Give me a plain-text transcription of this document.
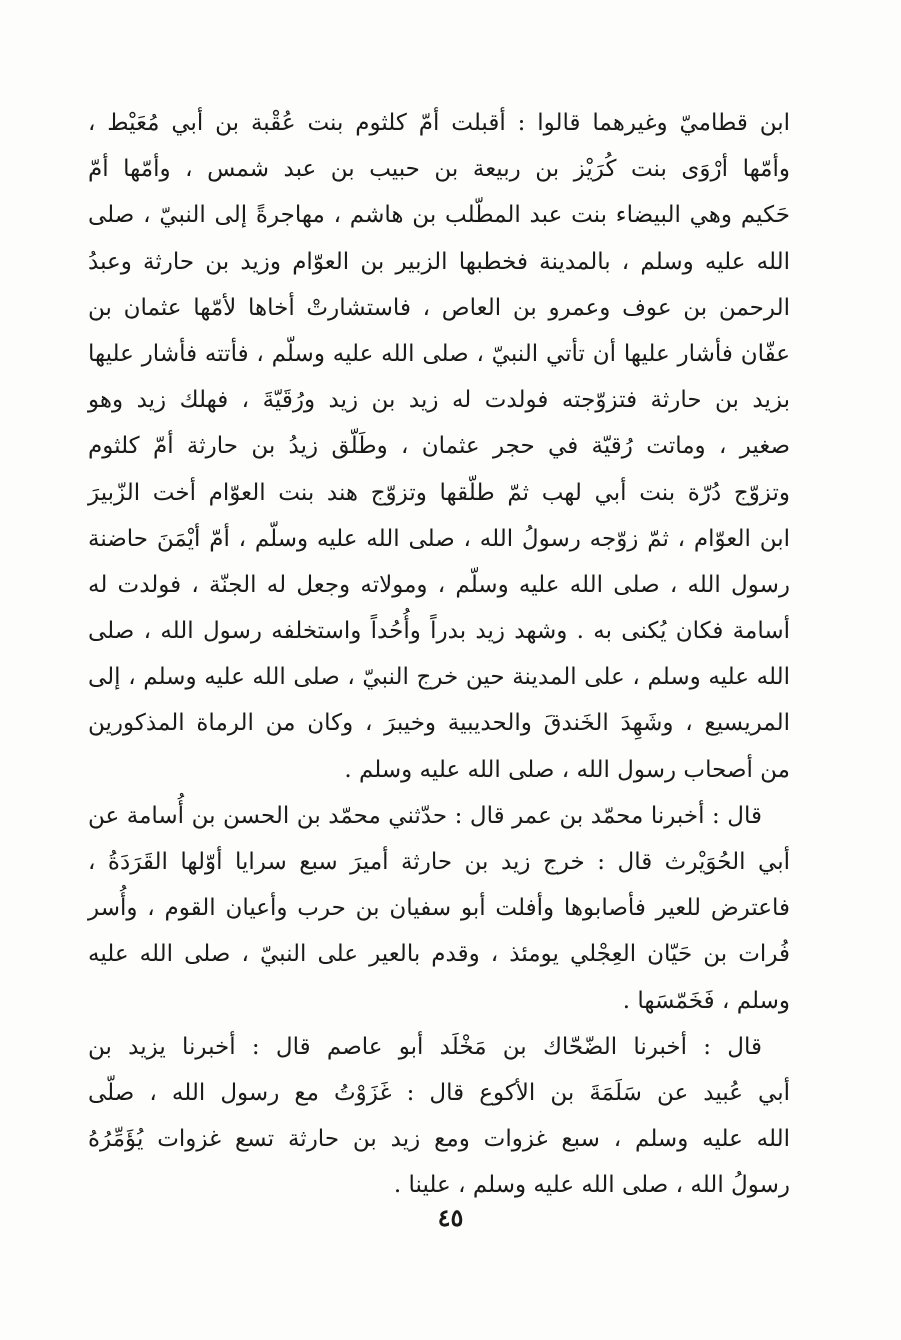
ابن قطاميّ وغيرهما قالوا : أقبلت أمّ كلثوم بنت عُقْبة بن أبي مُعَيْط ،
وأمّها أرْوَى بنت كُرَيْز بن ربيعة بن حبيب بن عبد شمس ، وأمّها أمّ
حَكيم وهي البيضاء بنت عبد المطّلب بن هاشم ، مهاجرةً إلى النبيّ ، صلى
الله عليه وسلم ، بالمدينة فخطبها الزبير بن العوّام وزيد بن حارثة وعبدُ
الرحمن بن عوف وعمرو بن العاص ، فاستشارتْ أخاها لأمّها عثمان بن
عفّان فأشار عليها أن تأتي النبيّ ، صلى الله عليه وسلّم ، فأتته فأشار عليها
بزيد بن حارثة فتزوّجته فولدت له زيد بن زيد ورُقَيّةَ ، فهلك زيد وهو
صغير ، وماتت رُقيّة في حجر عثمان ، وطَلّق زيدُ بن حارثة أمّ كلثوم
وتزوّج دُرّة بنت أبي لهب ثمّ طلّقها وتزوّج هند بنت العوّام أخت الزّبيرَ
ابن العوّام ، ثمّ زوّجه رسولُ الله ، صلى الله عليه وسلّم ، أمّ أيْمَنَ حاضنة
رسول الله ، صلى الله عليه وسلّم ، ومولاته وجعل له الجنّة ، فولدت له
أسامة فكان يُكنى به . وشهد زيد بدراً وأُحُداً واستخلفه رسول الله ، صلى
الله عليه وسلم ، على المدينة حين خرج النبيّ ، صلى الله عليه وسلم ، إلى
المريسيع ، وشَهِدَ الخَندقَ والحديبية وخيبرَ ، وكان من الرماة المذكورين
من أصحاب رسول الله ، صلى الله عليه وسلم .
قال : أخبرنا محمّد بن عمر قال : حدّثني محمّد بن الحسن بن أُسامة عن
أبي الحُوَيْرث قال : خرج زيد بن حارثة أميرَ سبع سرايا أوّلها القَرَدَةُ ،
فاعترض للعير فأصابوها وأفلت أبو سفيان بن حرب وأعيان القوم ، وأُسر
فُرات بن حَيّان العِجْلي يومئذ ، وقدم بالعير على النبيّ ، صلى الله عليه
وسلم ، فَخَمّسَها .
قال : أخبرنا الضّحّاك بن مَخْلَد أبو عاصم قال : أخبرنا يزيد بن
أبي عُبيد عن سَلَمَةَ بن الأكوع قال : غَزَوْتُ مع رسول الله ، صلّى
الله عليه وسلم ، سبع غزوات ومع زيد بن حارثة تسع غزوات يُؤَمِّرُهُ
رسولُ الله ، صلى الله عليه وسلم ، علينا .
٤٥
